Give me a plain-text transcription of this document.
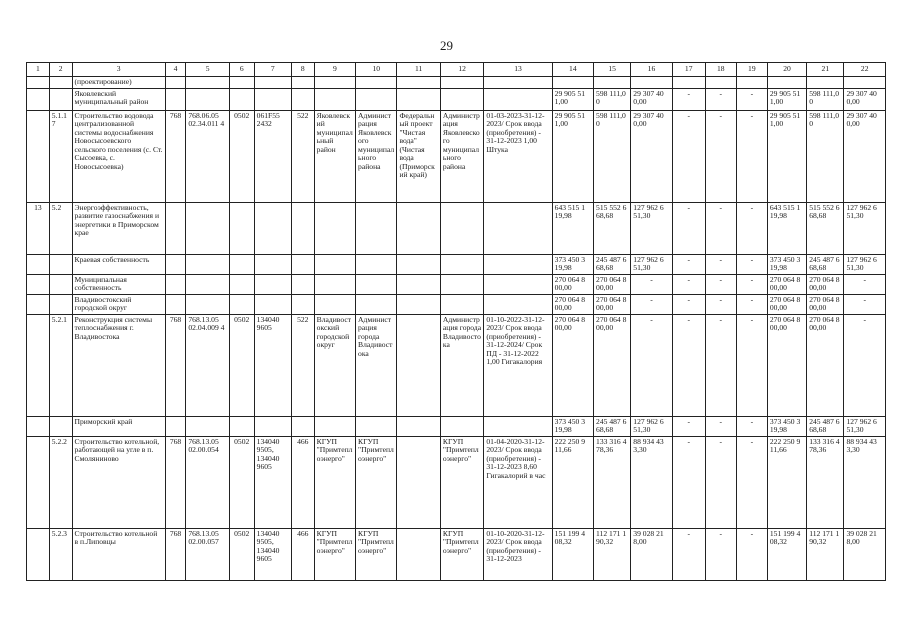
29
1	2	3	4	5	6	7	8	9	10	11	12	13	14	15	16	17	18	19	20	21	22
		(проектирование)																			
		Яковлевский муниципальный район											29 905 51 1,00	598 111,0 0	29 307 40 0,00	-	-	-	29 905 51 1,00	598 111,0 0	29 307 40 0,00
	5.1.17	Строительство водовода централизованной системы водоснабжения Новосысоевского сельского поселения (с. Ст. Сысоевка, с. Новосысоевка)	768	768.06.05 02.34.011 4	0502	061F55 2432	522	Яковлевский муниципальный район	Администрация Яковлевского муниципального района	Федеральный проект "Чистая вода" (Чистая вода (Приморский край)	Администрация Яковлевского муниципального района	01-03-2023-31-12-2023/ Срок ввода (приобретения) - 31-12-2023 1,00 Штука	29 905 51 1,00	598 111,0 0	29 307 40 0,00	-	-	-	29 905 51 1,00	598 111,0 0	29 307 40 0,00
13	5.2	Энергоэффективность, развитие газоснабжения и энергетики в Приморском крае											643 515 1 19,98	515 552 6 68,68	127 962 6 51,30	-	-	-	643 515 1 19,98	515 552 6 68,68	127 962 6 51,30
		Краевая собственность											373 450 3 19,98	245 487 6 68,68	127 962 6 51,30	-	-	-	373 450 3 19,98	245 487 6 68,68	127 962 6 51,30
		Муниципальная собственность											270 064 8 00,00	270 064 8 00,00	-	-	-	-	270 064 8 00,00	270 064 8 00,00	-
		Владивостокский городской округ											270 064 8 00,00	270 064 8 00,00	-	-	-	-	270 064 8 00,00	270 064 8 00,00	-
	5.2.1	Реконструкция системы теплоснабжения г. Владивостока	768	768.13.05 02.04.009 4	0502	134040 9605	522	Владивостокский городской округ	Администрация города Владивостока		Администрация города Владивостока	01-10-2022-31-12-2023/ Срок ввода (приобретения) - 31-12-2024/ Срок ПД - 31-12-2022 1,00 Гигакалория	270 064 8 00,00	270 064 8 00,00	-	-	-	-	270 064 8 00,00	270 064 8 00,00	-
		Приморский край											373 450 3 19,98	245 487 6 68,68	127 962 6 51,30	-	-	-	373 450 3 19,98	245 487 6 68,68	127 962 6 51,30
	5.2.2	Строительство котельной, работающей на угле в п. Смоляниново	768	768.13.05 02.00.054	0502	134040 9505, 134040 9605	466	КГУП "Примтеплоэнерго"	КГУП "Примтеплоэнерго"		КГУП "Примтеплоэнерго"	01-04-2020-31-12-2023/ Срок ввода (приобретения) - 31-12-2023 8,60 Гигакалорий в час	222 250 9 11,66	133 316 4 78,36	88 934 43 3,30	-	-	-	222 250 9 11,66	133 316 4 78,36	88 934 43 3,30
	5.2.3	Строительство котельной в п.Липовцы	768	768.13.05 02.00.057	0502	134040 9505, 134040 9605	466	КГУП "Примтеплоэнерго"	КГУП "Примтеплоэнерго"		КГУП "Примтеплоэнерго"	01-10-2020-31-12-2023/ Срок ввода (приобретения) - 31-12-2023	151 199 4 08,32	112 171 1 90,32	39 028 21 8,00	-	-	-	151 199 4 08,32	112 171 1 90,32	39 028 21 8,00
